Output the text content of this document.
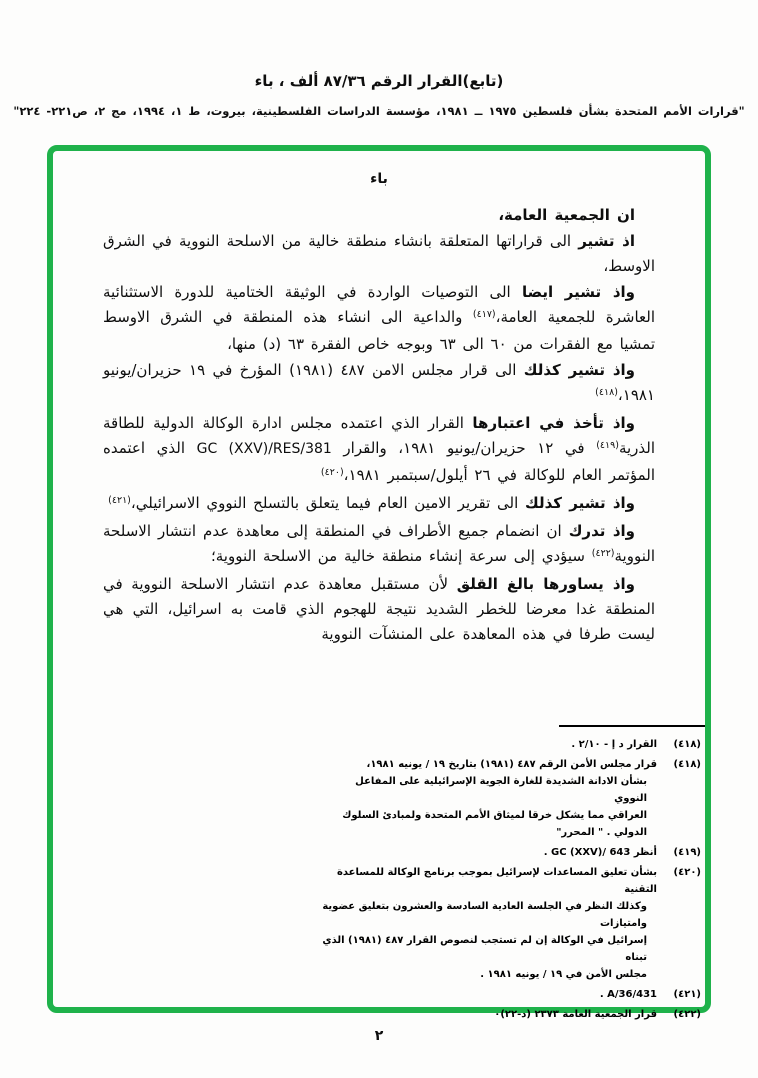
(تابع)القرار الرقم ٨٧/٣٦ ألف ، باء
"قرارات الأمم المتحدة بشأن فلسطين ١٩٧٥ ــ ١٩٨١، مؤسسة الدراسات الفلسطينية، بيروت، ط ١، ١٩٩٤، مج ٢، ص٢٢١- ٢٢٤"
باء

ان الجمعية العامة،

اذ تشير الى قراراتها المتعلقة بانشاء منطقة خالية من الاسلحة النووية في الشرق الاوسط،

واذ تشير ايضا الى التوصيات الواردة في الوثيقة الختامية للدورة الاستثنائية العاشرة للجمعية العامة،$^{(٤١٧)}$ والداعية الى انشاء هذه المنطقة في الشرق الاوسط تمشيا مع الفقرات من ٦٠ الى ٦٣ وبوجه خاص الفقرة ٦٣ (د) منها،

واذ تشير كذلك الى قرار مجلس الامن ٤٨٧ (١٩٨١) المؤرخ في ١٩ حزيران/يونيو ١٩٨١،$^{(٤١٨)}$

واذ تأخذ في اعتبارها القرار الذي اعتمده مجلس ادارة الوكالة الدولية للطاقة الذرية$^{(٤١٩)}$ في ١٢ حزيران/يونيو ١٩٨١، والقرار GC (XXV)/RES/381 الذي اعتمده المؤتمر العام للوكالة في ٢٦ أيلول/سبتمبر ١٩٨١،$^{(٤٢٠)}$

واذ تشير كذلك الى تقرير الامين العام فيما يتعلق بالتسلح النووي الاسرائيلي،$^{(٤٢١)}$

واذ تدرك ان انضمام جميع الأطراف في المنطقة إلى معاهدة عدم انتشار الاسلحة النووية$^{(٤٢٢)}$ سيؤدي إلى سرعة إنشاء منطقة خالية من الاسلحة النووية؛

واذ يساورها بالغ القلق لأن مستقبل معاهدة عدم انتشار الاسلحة النووية في المنطقة غدا معرضا للخطر الشديد نتيجة للهجوم الذي قامت به اسرائيل، التي هي ليست طرفا في هذه المعاهدة على المنشآت النووية

(٤١٨)
القرار د إ - ٢/١٠ .
(٤١٨)
قرار مجلس الأمن الرقم ٤٨٧ (١٩٨١) بتاريخ ١٩ / يونيه ١٩٨١،
بشأن الادانة الشديدة للغارة الجوية الإسرائيلية على المفاعل النووي
العراقي مما يشكل خرقا لميثاق الأمم المتحدة ولمبادئ السلوك الدولي . " المحرر"
(٤١٩)
أنظر GC (XXV)/ 643 .
(٤٢٠)
بشأن تعليق المساعدات لإسرائيل بموجب برنامج الوكالة للمساعدة التقنية
وكذلك النظر في الجلسة العادية السادسة والعشرون بتعليق عضوية وامتيازات
إسرائيل في الوكالة إن لم تستجب لنصوص القرار ٤٨٧ (١٩٨١) الذي تبناه
مجلس الأمن في ١٩ / يونيه ١٩٨١ .
(٤٢١)
A/36/431 .
(٤٢٢)
قرار الجمعية العامة ٢٣٧٣ (د-٢٢)٠
٢
